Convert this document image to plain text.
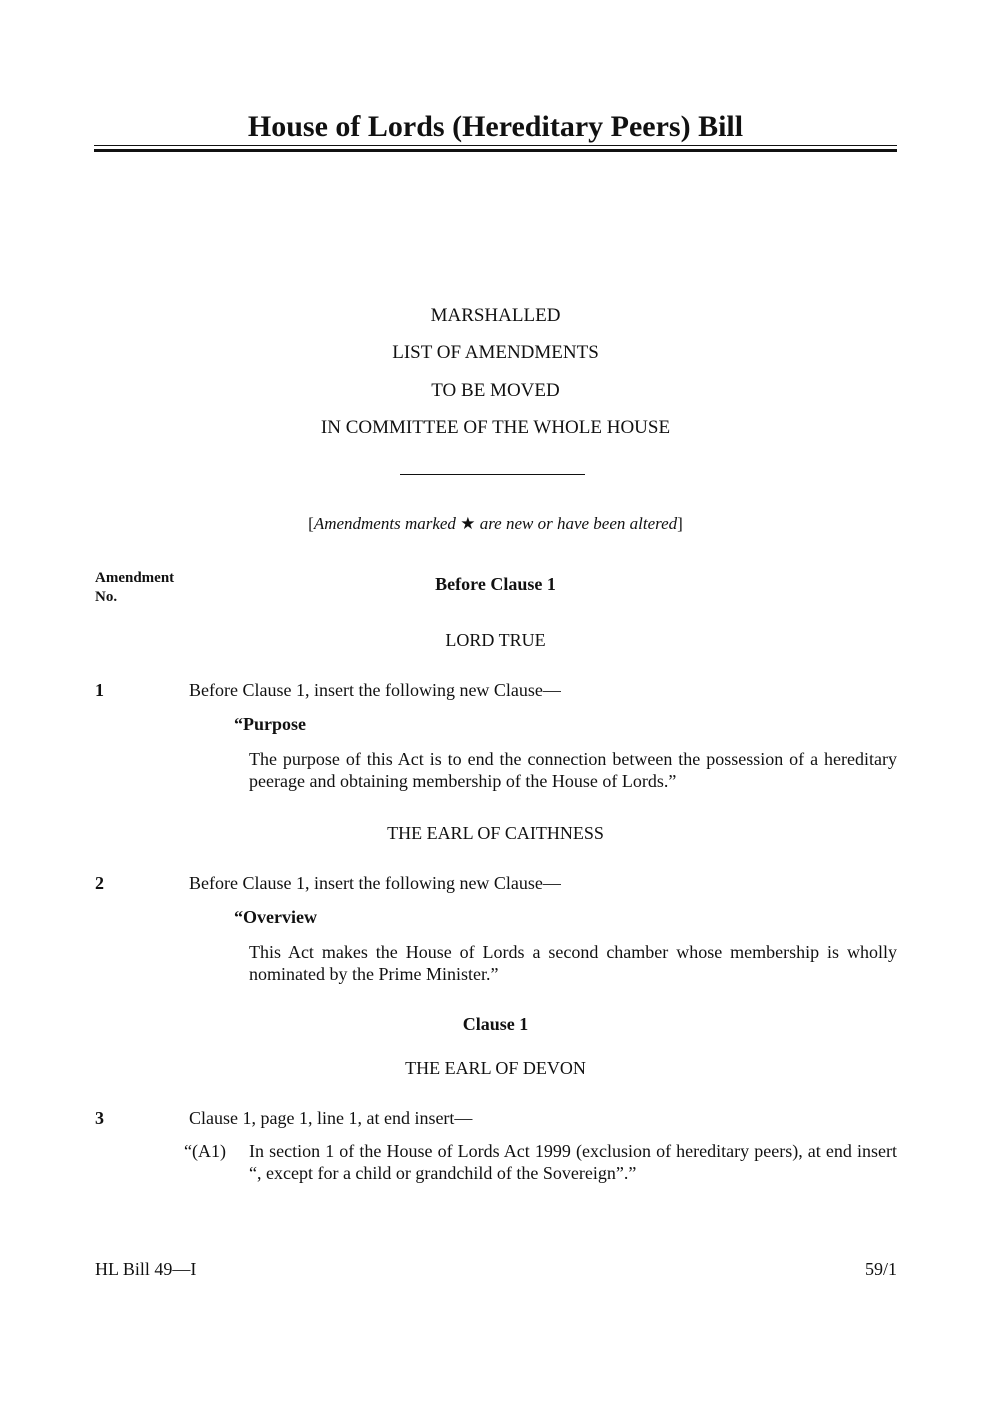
House of Lords (Hereditary Peers) Bill
MARSHALLED
LIST OF AMENDMENTS
TO BE MOVED
IN COMMITTEE OF THE WHOLE HOUSE
[Amendments marked ★ are new or have been altered]
Amendment
No.
Before Clause 1
LORD TRUE
1	Before Clause 1, insert the following new Clause—
“Purpose
The purpose of this Act is to end the connection between the possession of a hereditary peerage and obtaining membership of the House of Lords.”
THE EARL OF CAITHNESS
2	Before Clause 1, insert the following new Clause—
“Overview
This Act makes the House of Lords a second chamber whose membership is wholly nominated by the Prime Minister.”
Clause 1
THE EARL OF DEVON
3	Clause 1, page 1, line 1, at end insert—
“(A1) In section 1 of the House of Lords Act 1999 (exclusion of hereditary peers), at end insert “, except for a child or grandchild of the Sovereign”.”
HL Bill 49—I	59/1
